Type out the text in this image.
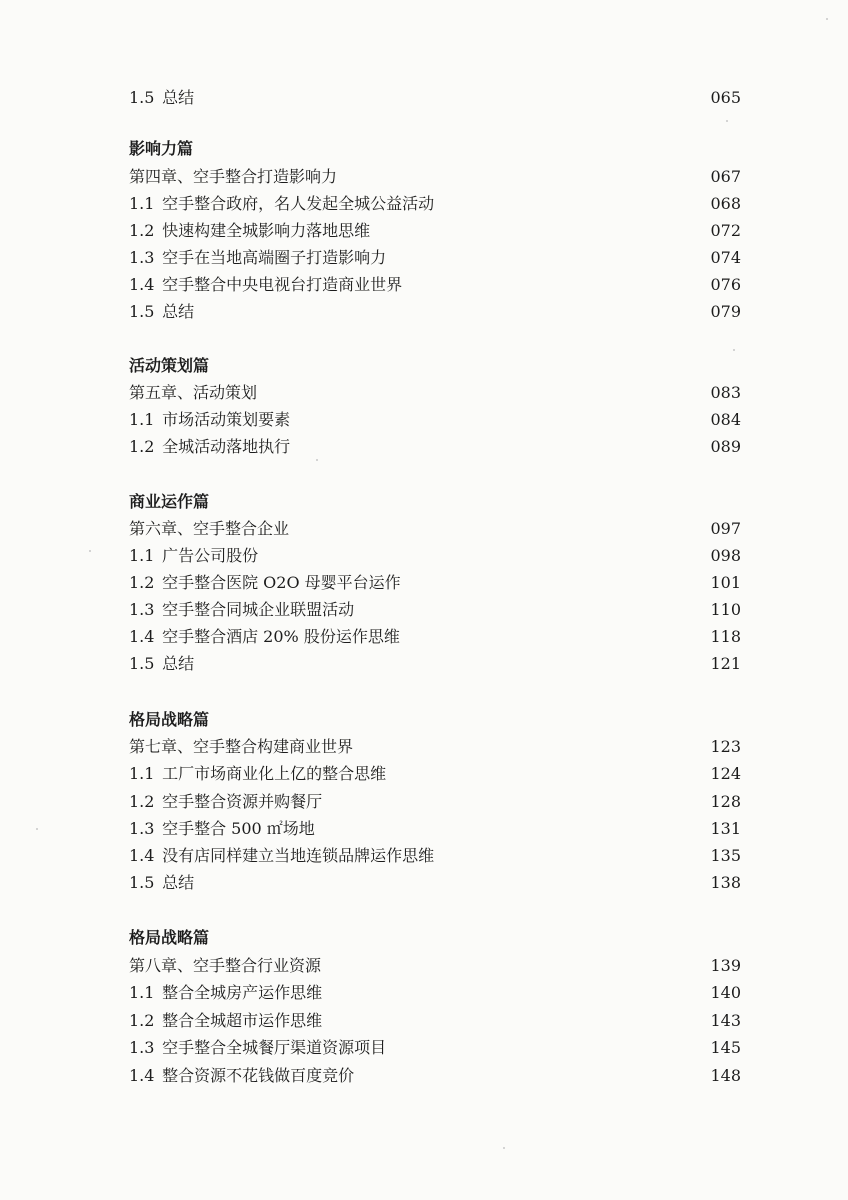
1.5 总结	065
影响力篇
第四章、空手整合打造影响力	067
1.1 空手整合政府，名人发起全城公益活动	068
1.2 快速构建全城影响力落地思维	072
1.3 空手在当地高端圈子打造影响力	074
1.4 空手整合中央电视台打造商业世界	076
1.5 总结	079
活动策划篇
第五章、活动策划	083
1.1 市场活动策划要素	084
1.2 全城活动落地执行	089
商业运作篇
第六章、空手整合企业	097
1.1 广告公司股份	098
1.2 空手整合医院 O2O 母婴平台运作	101
1.3 空手整合同城企业联盟活动	110
1.4 空手整合酒店 20% 股份运作思维	118
1.5 总结	121
格局战略篇
第七章、空手整合构建商业世界	123
1.1 工厂市场商业化上亿的整合思维	124
1.2 空手整合资源并购餐厅	128
1.3 空手整合 500 ㎡场地	131
1.4 没有店同样建立当地连锁品牌运作思维	135
1.5 总结	138
格局战略篇
第八章、空手整合行业资源	139
1.1 整合全城房产运作思维	140
1.2 整合全城超市运作思维	143
1.3 空手整合全城餐厅渠道资源项目	145
1.4 整合资源不花钱做百度竞价	148
